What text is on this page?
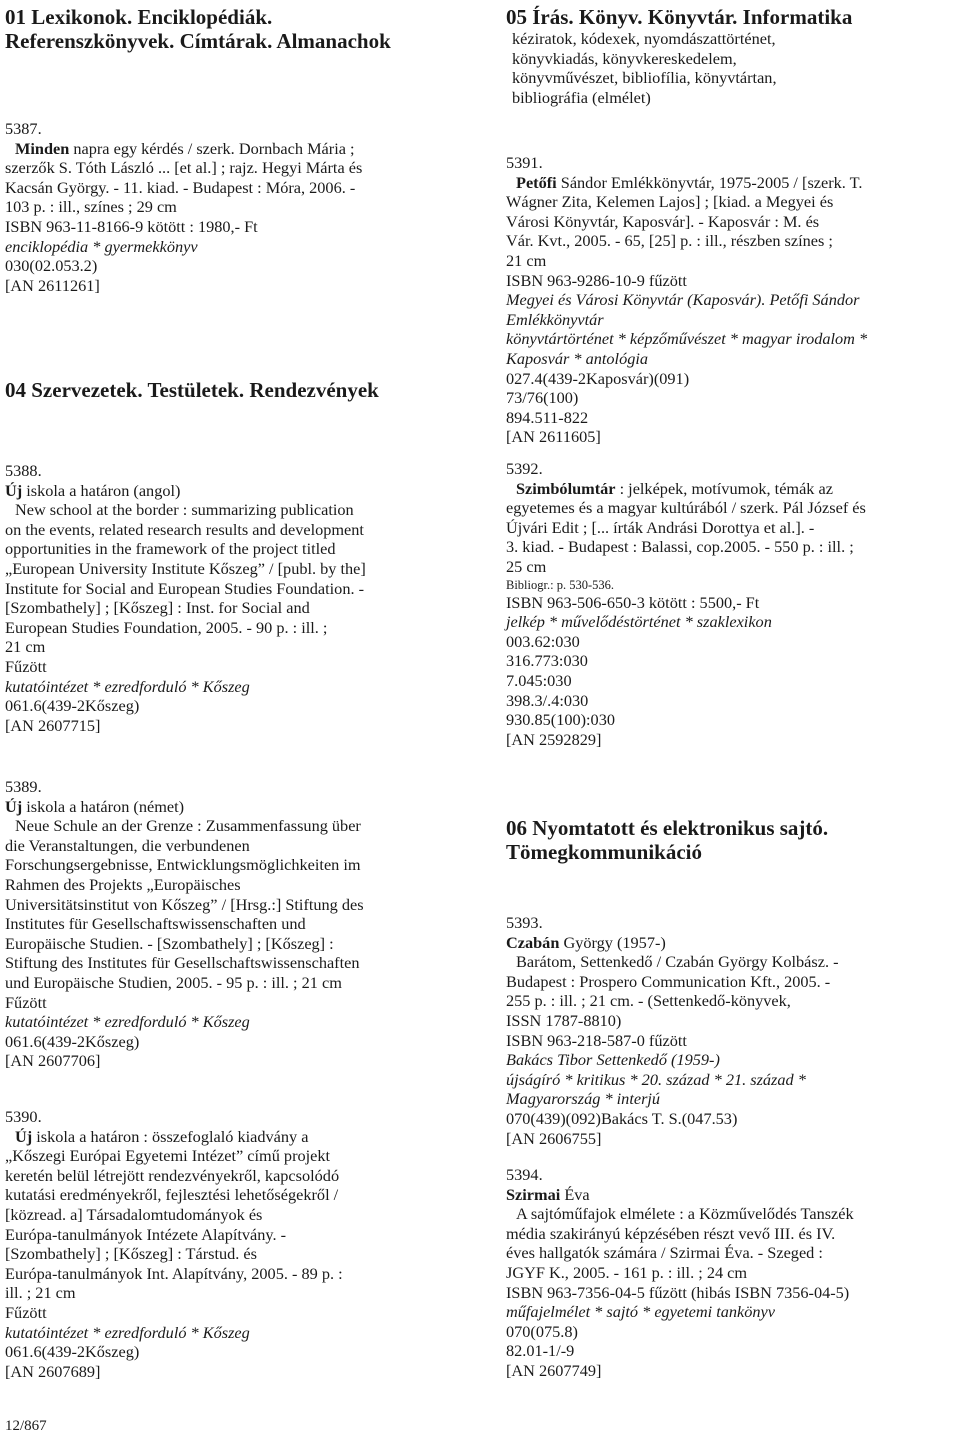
01 Lexikonok. Enciklopédiák.

Referenszkönyvek. Címtárak. Almanachok

5387.
Minden napra egy kérdés / szerk. Dornbach Mária ;
szerzők S. Tóth László ... [et al.] ; rajz. Hegyi Márta és
Kacsán György. - 11. kiad. - Budapest : Móra, 2006. -
103 p. : ill., színes ; 29 cm
ISBN 963-11-8166-9 kötött : 1980,- Ft
enciklopédia * gyermekkönyv
030(02.053.2)
[AN 2611261]

04 Szervezetek. Testületek. Rendezvények

5388.
Új iskola a határon (angol)
New school at the border : summarizing publication
on the events, related research results and development
opportunities in the framework of the project titled
„European University Institute Kőszeg” / [publ. by the]
Institute for Social and European Studies Foundation. -
[Szombathely] ; [Kőszeg] : Inst. for Social and
European Studies Foundation, 2005. - 90 p. : ill. ;
21 cm
Fűzött
kutatóintézet * ezredforduló * Kőszeg
061.6(439-2Kőszeg)
[AN 2607715]
5389.
Új iskola a határon (német)
Neue Schule an der Grenze : Zusammenfassung über
die Veranstaltungen, die verbundenen
Forschungsergebnisse, Entwicklungsmöglichkeiten im
Rahmen des Projekts „Europäisches
Universitätsinstitut von Kőszeg” / [Hrsg.:] Stiftung des
Institutes für Gesellschaftswissenschaften und
Europäische Studien. - [Szombathely] ; [Kőszeg] :
Stiftung des Institutes für Gesellschaftswissenschaften
und Europäische Studien, 2005. - 95 p. : ill. ; 21 cm
Fűzött
kutatóintézet * ezredforduló * Kőszeg
061.6(439-2Kőszeg)
[AN 2607706]
5390.
Új iskola a határon : összefoglaló kiadvány a
„Kőszegi Európai Egyetemi Intézet” című projekt
keretén belül létrejött rendezvényekről, kapcsolódó
kutatási eredményekről, fejlesztési lehetőségekről /
[közread. a] Társadalomtudományok és
Európa-tanulmányok Intézete Alapítvány. -
[Szombathely] ; [Kőszeg] : Társtud. és
Európa-tanulmányok Int. Alapítvány, 2005. - 89 p. :
ill. ; 21 cm
Fűzött
kutatóintézet * ezredforduló * Kőszeg
061.6(439-2Kőszeg)
[AN 2607689]

05 Írás. Könyv. Könyvtár. Informatika

kéziratok, kódexek, nyomdászattörténet,

könyvkiadás, könyvkereskedelem,

könyvművészet, bibliofília, könyvtártan,

bibliográfia (elmélet)

5391.
Petőfi Sándor Emlékkönyvtár, 1975-2005 / [szerk. T.
Wágner Zita, Kelemen Lajos] ; [kiad. a Megyei és
Városi Könyvtár, Kaposvár]. - Kaposvár : M. és
Vár. Kvt., 2005. - 65, [25] p. : ill., részben színes ;
21 cm
ISBN 963-9286-10-9 fűzött
Megyei és Városi Könyvtár (Kaposvár). Petőfi Sándor
Emlékkönyvtár
könyvtártörténet * képzőművészet * magyar irodalom *
Kaposvár * antológia
027.4(439-2Kaposvár)(091)
73/76(100)
894.511-822
[AN 2611605]
5392.
Szimbólumtár : jelképek, motívumok, témák az
egyetemes és a magyar kultúrából / szerk. Pál József és
Újvári Edit ; [... írták Andrási Dorottya et al.]. -
3. kiad. - Budapest : Balassi, cop.2005. - 550 p. : ill. ;
25 cm
Bibliogr.: p. 530-536.
ISBN 963-506-650-3 kötött : 5500,- Ft
jelkép * művelődéstörténet * szaklexikon
003.62:030
316.773:030
7.045:030
398.3/.4:030
930.85(100):030
[AN 2592829]

06 Nyomtatott és elektronikus sajtó.

Tömegkommunikáció

5393.
Czabán György (1957-)
Barátom, Settenkedő / Czabán György Kolbász. -
Budapest : Prospero Communication Kft., 2005. -
255 p. : ill. ; 21 cm. - (Settenkedő-könyvek,
ISSN 1787-8810)
ISBN 963-218-587-0 fűzött
Bakács Tibor Settenkedő (1959-)
újságíró * kritikus * 20. század * 21. század *
Magyarország * interjú
070(439)(092)Bakács T. S.(047.53)
[AN 2606755]
5394.
Szirmai Éva
A sajtóműfajok elmélete : a Közművelődés Tanszék
média szakirányú képzésében részt vevő III. és IV.
éves hallgatók számára / Szirmai Éva. - Szeged :
JGYF K., 2005. - 161 p. : ill. ; 24 cm
ISBN 963-7356-04-5 fűzött (hibás ISBN 7356-04-5)
műfajelmélet * sajtó * egyetemi tankönyv
070(075.8)
82.01-1/-9
[AN 2607749]
12/867
